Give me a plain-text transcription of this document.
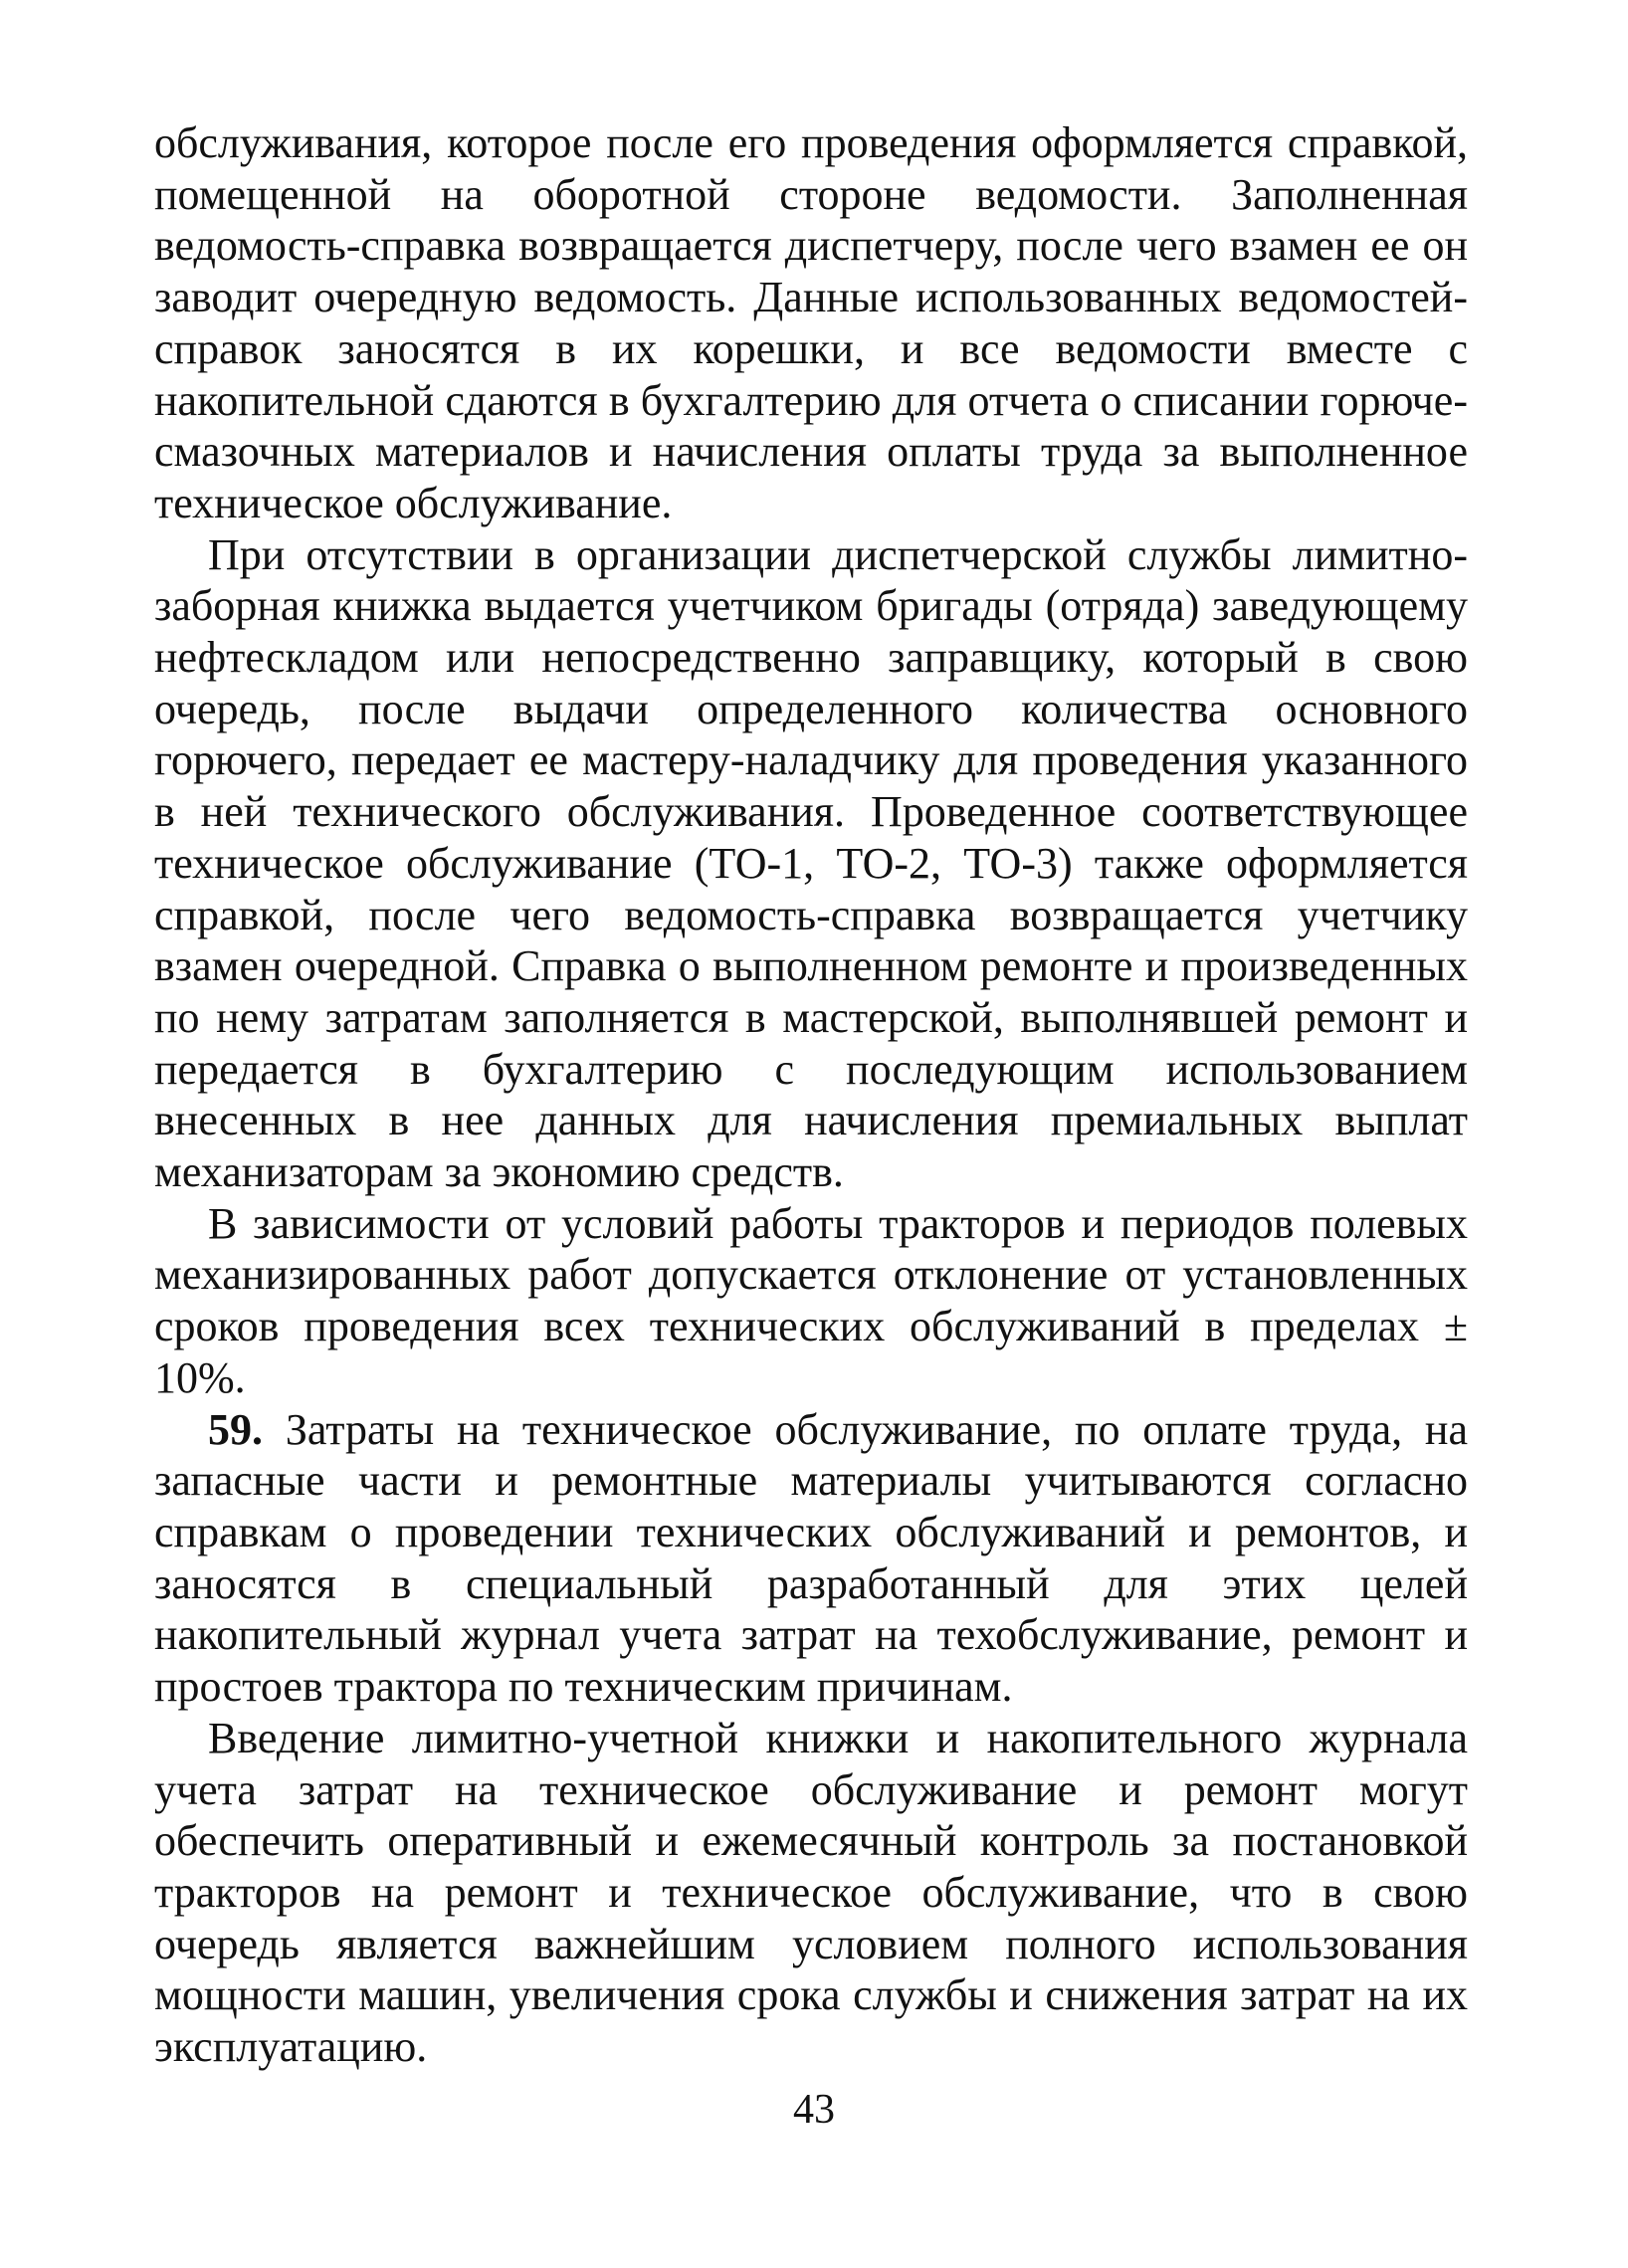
обслуживания, которое после его проведения оформляется справкой, помещенной на оборотной стороне ведомости. Заполненная ведомость-справка возвращается диспетчеру, после чего взамен ее он заводит очередную ведомость. Данные использованных ведомостей-справок заносятся в их корешки, и все ведомости вместе с накопительной сдаются в бухгалтерию для отчета о списании горюче-смазочных материалов и начисления оплаты труда за выполненное техническое обслуживание.

При отсутствии в организации диспетчерской службы лимитно-заборная книжка выдается учетчиком бригады (отряда) заведующему нефтескладом или непосредственно заправщику, который в свою очередь, после выдачи определенного количества основного горючего, передает ее мастеру-наладчику для проведения указанного в ней технического обслуживания. Проведенное соответствующее техническое обслуживание (ТО-1, ТО-2, ТО-3) также оформляется справкой, после чего ведомость-справка возвращается учетчику взамен очередной. Справка о выполненном ремонте и произведенных по нему затратам заполняется в мастерской, выполнявшей ремонт и передается в бухгалтерию с последующим использованием внесенных в нее данных для начисления премиальных выплат механизаторам за экономию средств.

В зависимости от условий работы тракторов и периодов полевых механизированных работ допускается отклонение от установленных сроков проведения всех технических обслуживаний в пределах ± 10%.

59. Затраты на техническое обслуживание, по оплате труда, на запасные части и ремонтные материалы учитываются согласно справкам о проведении технических обслуживаний и ремонтов, и заносятся в специальный разработанный для этих целей накопительный журнал учета затрат на техобслуживание, ремонт и простоев трактора по техническим причинам.

Введение лимитно-учетной книжки и накопительного журнала учета затрат на техническое обслуживание и ремонт могут обеспечить оперативный и ежемесячный контроль за постановкой тракторов на ремонт и техническое обслуживание, что в свою очередь является важнейшим условием полного использования мощности машин, увеличения срока службы и снижения затрат на их эксплуатацию.

43
